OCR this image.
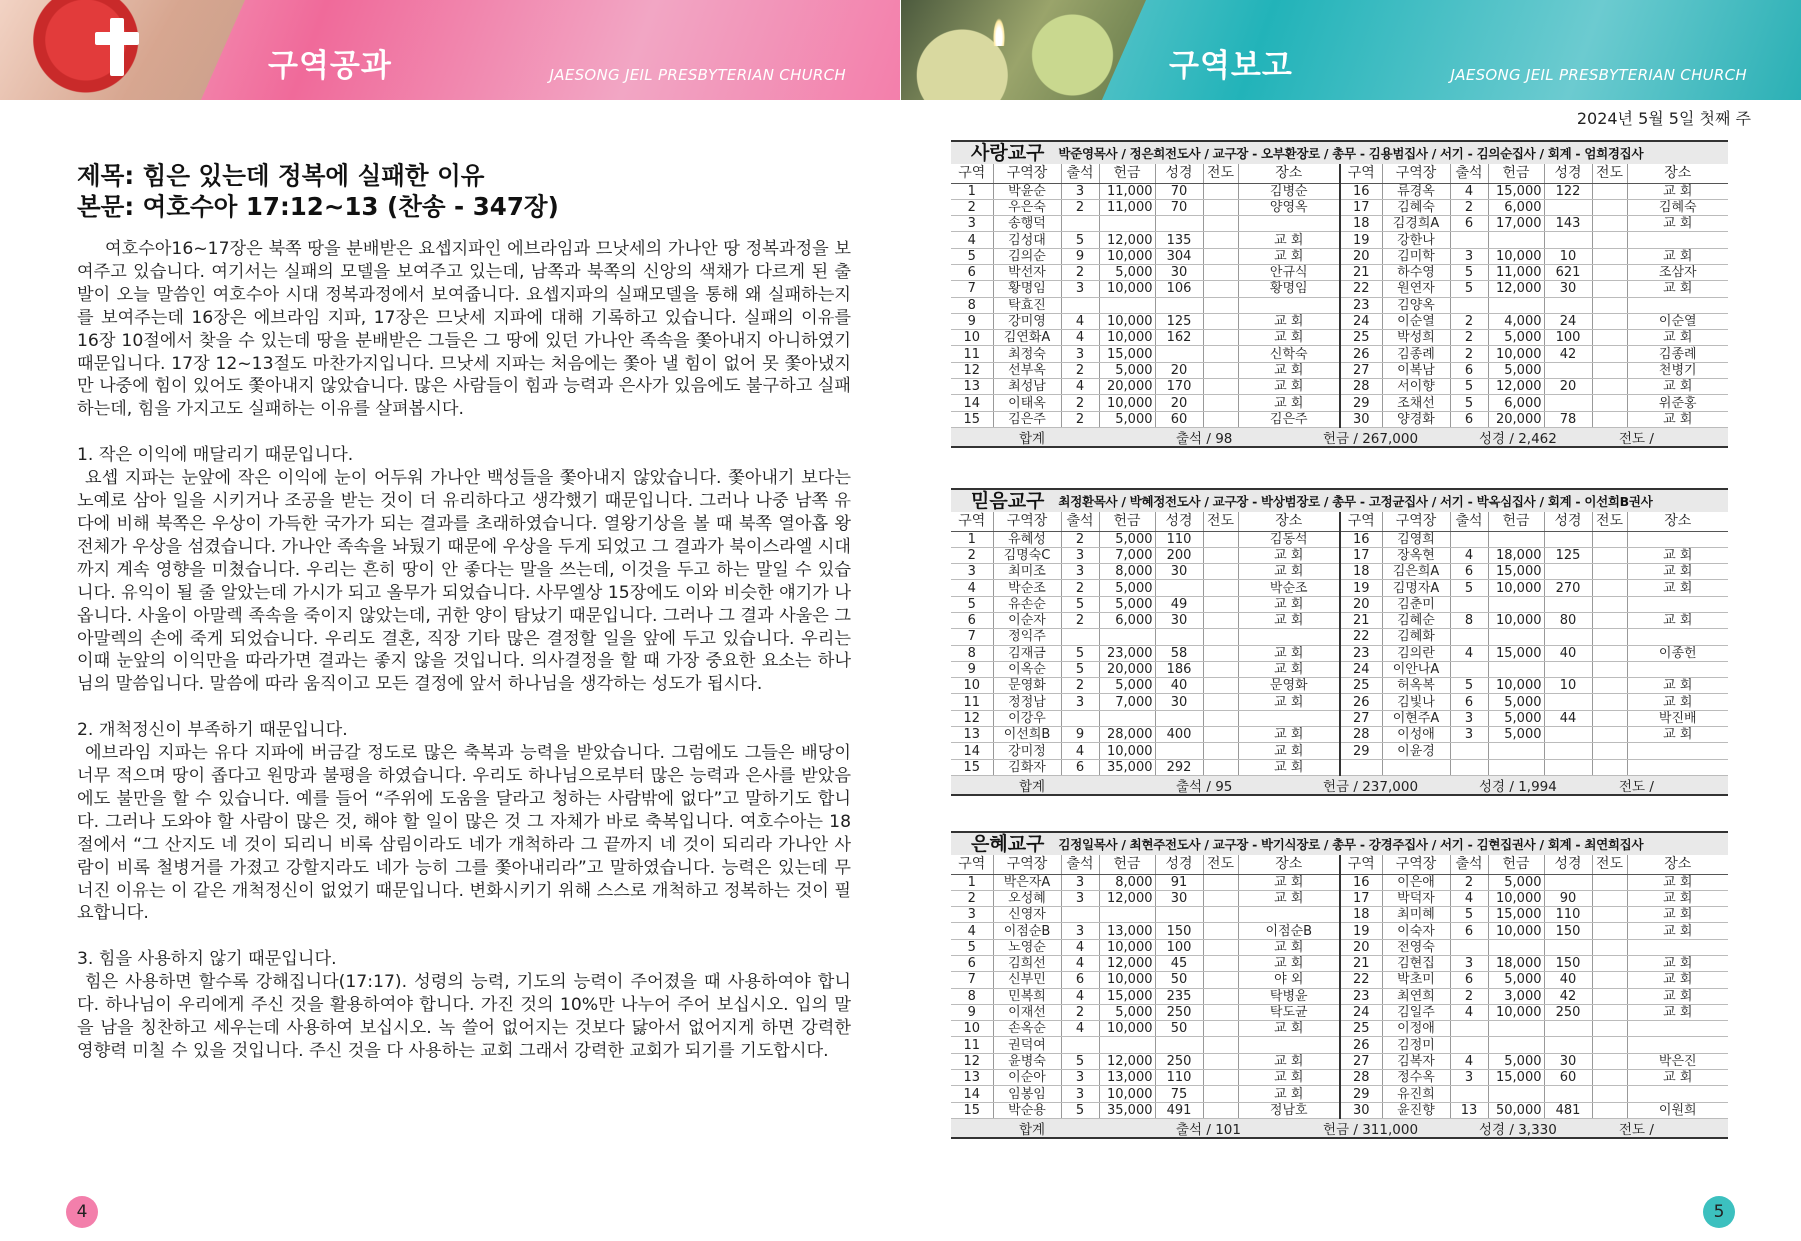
구역공과	JAESONG JEIL PRESBYTERIAN CHURCH
제목: 힘은 있는데 정복에 실패한 이유
본문: 여호수아 17:12~13 (찬송 - 347장)

여호수아16~17장은 북쪽 땅을 분배받은 요셉지파인 에브라임과 므낫세의 가나안 땅 정복과정을 보여주고 있습니다. 여기서는 실패의 모델을 보여주고 있는데, 남쪽과 북쪽의 신앙의 색채가 다르게 된 출발이 오늘 말씀인 여호수아 시대 정복과정에서 보여줍니다. 요셉지파의 실패모델을 통해 왜 실패하는지를 보여주는데 16장은 에브라임 지파, 17장은 므낫세 지파에 대해 기록하고 있습니다. 실패의 이유를 16장 10절에서 찾을 수 있는데 땅을 분배받은 그들은 그 땅에 있던 가나안 족속을 쫓아내지 아니하였기 때문입니다. 17장 12~13절도 마찬가지입니다. 므낫세 지파는 처음에는 쫓아 낼 힘이 없어 못 쫓아냈지만 나중에 힘이 있어도 쫓아내지 않았습니다. 많은 사람들이 힘과 능력과 은사가 있음에도 불구하고 실패하는데, 힘을 가지고도 실패하는 이유를 살펴봅시다.

1. 작은 이익에 매달리기 때문입니다.

요셉 지파는 눈앞에 작은 이익에 눈이 어두워 가나안 백성들을 쫓아내지 않았습니다. 쫓아내기 보다는 노예로 삼아 일을 시키거나 조공을 받는 것이 더 유리하다고 생각했기 때문입니다. 그러나 나중 남쪽 유다에 비해 북쪽은 우상이 가득한 국가가 되는 결과를 초래하였습니다. 열왕기상을 볼 때 북쪽 열아홉 왕 전체가 우상을 섬겼습니다. 가나안 족속을 놔뒀기 때문에 우상을 두게 되었고 그 결과가 북이스라엘 시대까지 계속 영향을 미쳤습니다. 우리는 흔히 땅이 안 좋다는 말을 쓰는데, 이것을 두고 하는 말일 수 있습니다. 유익이 될 줄 알았는데 가시가 되고 올무가 되었습니다. 사무엘상 15장에도 이와 비슷한 얘기가 나옵니다. 사울이 아말렉 족속을 죽이지 않았는데, 귀한 양이 탐났기 때문입니다. 그러나 그 결과 사울은 그 아말렉의 손에 죽게 되었습니다. 우리도 결혼, 직장 기타 많은 결정할 일을 앞에 두고 있습니다. 우리는 이때 눈앞의 이익만을 따라가면 결과는 좋지 않을 것입니다. 의사결정을 할 때 가장 중요한 요소는 하나님의 말씀입니다. 말씀에 따라 움직이고 모든 결정에 앞서 하나님을 생각하는 성도가 됩시다.

2. 개척정신이 부족하기 때문입니다.

에브라임 지파는 유다 지파에 버금갈 정도로 많은 축복과 능력을 받았습니다. 그럼에도 그들은 배당이 너무 적으며 땅이 좁다고 원망과 불평을 하였습니다. 우리도 하나님으로부터 많은 능력과 은사를 받았음에도 불만을 할 수 있습니다. 예를 들어 “주위에 도움을 달라고 청하는 사람밖에 없다”고 말하기도 합니다. 그러나 도와야 할 사람이 많은 것, 해야 할 일이 많은 것 그 자체가 바로 축복입니다. 여호수아는 18절에서 “그 산지도 네 것이 되리니 비록 삼림이라도 네가 개척하라 그 끝까지 네 것이 되리라 가나안 사람이 비록 철병거를 가졌고 강할지라도 네가 능히 그를 쫓아내리라”고 말하였습니다. 능력은 있는데 무너진 이유는 이 같은 개척정신이 없었기 때문입니다. 변화시키기 위해 스스로 개척하고 정복하는 것이 필요합니다.

3. 힘을 사용하지 않기 때문입니다.

힘은 사용하면 할수록 강해집니다(17:17). 성령의 능력, 기도의 능력이 주어졌을 때 사용하여야 합니다. 하나님이 우리에게 주신 것을 활용하여야 합니다. 가진 것의 10%만 나누어 주어 보십시오. 입의 말을 남을 칭찬하고 세우는데 사용하여 보십시오. 녹 쓸어 없어지는 것보다 닳아서 없어지게 하면 강력한 영향력 미칠 수 있을 것입니다. 주신 것을 다 사용하는 교회 그래서 강력한 교회가 되기를 기도합시다.

4
구역보고	JAESONG JEIL PRESBYTERIAN CHURCH
2024년 5월 5일 첫째 주
사랑교구 박준영목사 / 정은희전도사 / 교구장 - 오부환장로 / 총무 - 김용범집사 / 서기 - 김의순집사 / 회계 - 엄희경집사
구역	구역장	출석	헌금	성경	전도	장소	구역	구역장	출석	헌금	성경	전도	장소
1	박윤순	3	11,000	70		김병순	16	류경옥	4	15,000	122		교 회
2	우은숙	2	11,000	70		양영옥	17	김혜숙	2	6,000			김혜숙
3	송행덕						18	김경희A	6	17,000	143		교 회
4	김성대	5	12,000	135		교 회	19	강한나					
5	김의순	9	10,000	304		교 회	20	김미학	3	10,000	10		교 회
6	박선자	2	5,000	30		안규식	21	하수영	5	11,000	621		조삼자
7	황명임	3	10,000	106		황명임	22	원연자	5	12,000	30		교 회
8	탁효진						23	김양옥					
9	강미영	4	10,000	125		교 회	24	이순열	2	4,000	24		이순열
10	김연화A	4	10,000	162		교 회	25	박성희	2	5,000	100		교 회
11	최정숙	3	15,000			신학숙	26	김종례	2	10,000	42		김종례
12	선부옥	2	5,000	20		교 회	27	이복남	6	5,000			천병기
13	최성남	4	20,000	170		교 회	28	서이향	5	12,000	20		교 회
14	이태옥	2	10,000	20		교 회	29	조채선	5	6,000			위준홍
15	김은주	2	5,000	60		김은주	30	양경화	6	20,000	78		교 회
합계	출석 / 98	헌금 / 267,000	성경 / 2,462	전도 /
믿음교구 최정환목사 / 박혜정전도사 / 교구장 - 박상범장로 / 총무 - 고정균집사 / 서기 - 박옥심집사 / 회계 - 이선희B권사
구역	구역장	출석	헌금	성경	전도	장소	구역	구역장	출석	헌금	성경	전도	장소
1	유혜성	2	5,000	110		김동석	16	김영희					
2	김명숙C	3	7,000	200		교 회	17	장옥현	4	18,000	125		교 회
3	최미조	3	8,000	30		교 회	18	김은희A	6	15,000			교 회
4	박순조	2	5,000			박순조	19	김명자A	5	10,000	270		교 회
5	유손순	5	5,000	49		교 회	20	김춘미					
6	이순자	2	6,000	30		교 회	21	김혜순	8	10,000	80		교 회
7	정익주						22	김혜화					
8	김재금	5	23,000	58		교 회	23	김의란	4	15,000	40		이종헌
9	이옥순	5	20,000	186		교 회	24	이안나A					
10	문영화	2	5,000	40		문영화	25	허옥복	5	10,000	10		교 회
11	정정남	3	7,000	30		교 회	26	김빛나	6	5,000			교 회
12	이강우						27	이현주A	3	5,000	44		박진배
13	이선희B	9	28,000	400		교 회	28	이성애	3	5,000			교 회
14	강미정	4	10,000			교 회	29	이윤경					
15	김화자	6	35,000	292		교 회							
합계	출석 / 95	헌금 / 237,000	성경 / 1,994	전도 /
은혜교구 김정일목사 / 최현주전도사 / 교구장 - 박기식장로 / 총무 - 강경주집사 / 서기 - 김현집권사 / 회계 - 최연희집사
구역	구역장	출석	헌금	성경	전도	장소	구역	구역장	출석	헌금	성경	전도	장소
1	박은자A	3	8,000	91		교 회	16	이은애	2	5,000			교 회
2	오성혜	3	12,000	30		교 회	17	박덕자	4	10,000	90		교 회
3	신영자						18	최미혜	5	15,000	110		교 회
4	이점순B	3	13,000	150		이점순B	19	이숙자	6	10,000	150		교 회
5	노영순	4	10,000	100		교 회	20	전영숙					
6	김희선	4	12,000	45		교 회	21	김현집	3	18,000	150		교 회
7	신부민	6	10,000	50		야 외	22	박초미	6	5,000	40		교 회
8	민복희	4	15,000	235		탁병윤	23	최연희	2	3,000	42		교 회
9	이재선	2	5,000	250		탁도균	24	김일주	4	10,000	250		교 회
10	손옥순	4	10,000	50		교 회	25	이정애					
11	권덕여						26	김정미					
12	윤병숙	5	12,000	250		교 회	27	김복자	4	5,000	30		박은진
13	이순아	3	13,000	110		교 회	28	정수옥	3	15,000	60		교 회
14	임봉임	3	10,000	75		교 회	29	유진희					
15	박순용	5	35,000	491		정남호	30	윤진향	13	50,000	481		이원희
합계	출석 / 101	헌금 / 311,000	성경 / 3,330	전도 /
5
